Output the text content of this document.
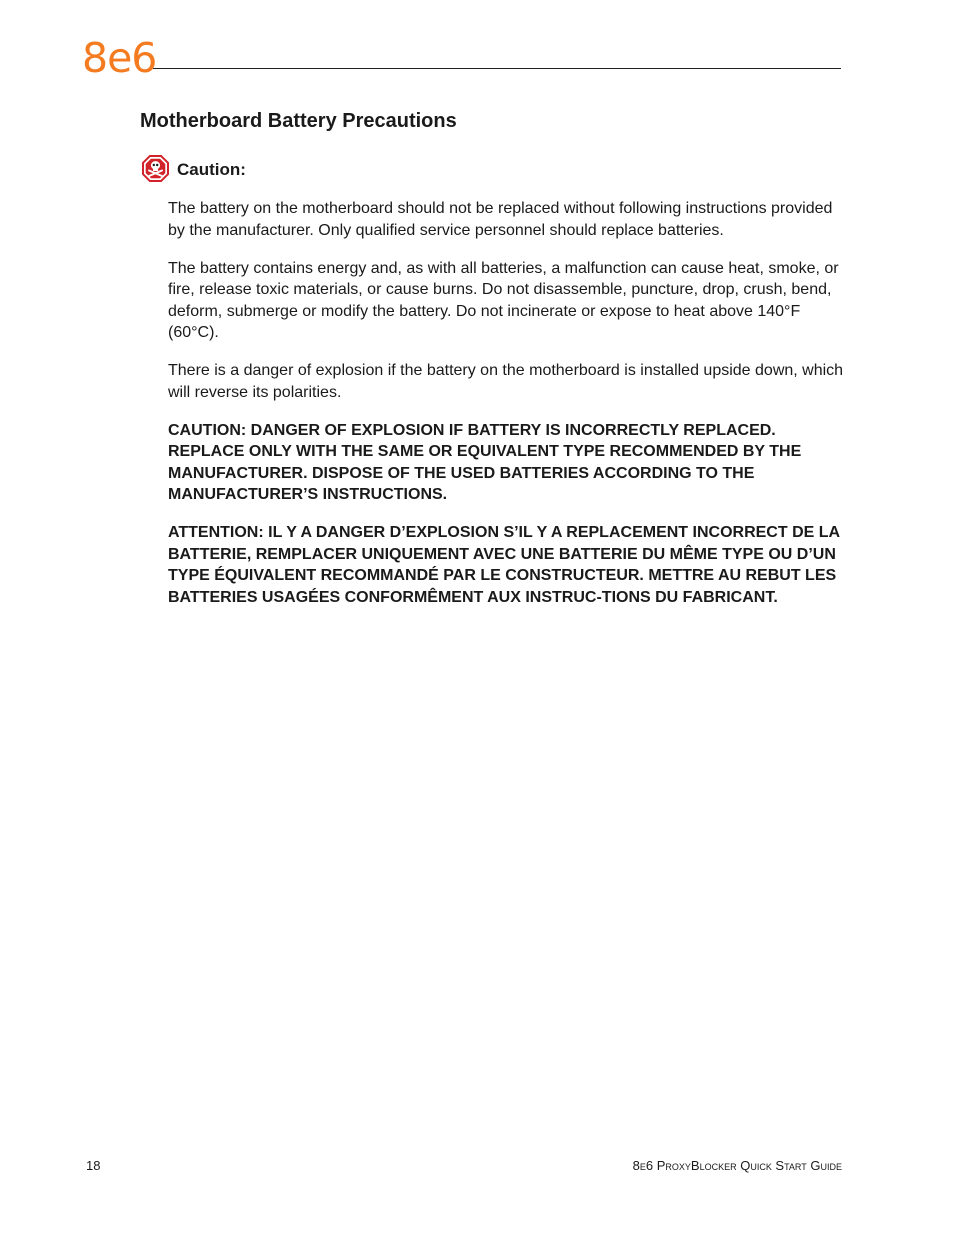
8e6
Motherboard Battery Precautions
Caution:

The battery on the motherboard should not be replaced without following instructions provided by the manufacturer. Only qualified service personnel should replace batteries.

The battery contains energy and, as with all batteries, a malfunction can cause heat, smoke, or fire, release toxic materials, or cause burns. Do not disassemble, puncture, drop, crush, bend, deform, submerge or modify the battery. Do not incinerate or expose to heat above 140°F (60°C).

There is a danger of explosion if the battery on the motherboard is installed upside down, which will reverse its polarities.

CAUTION: DANGER OF EXPLOSION IF BATTERY IS INCORRECTLY REPLACED. REPLACE ONLY WITH THE SAME OR EQUIVALENT TYPE RECOMMENDED BY THE MANUFACTURER. DISPOSE OF THE USED BATTERIES ACCORDING TO THE MANUFACTURER’S INSTRUCTIONS.

ATTENTION: IL Y A DANGER D’EXPLOSION S’IL Y A REPLACEMENT INCORRECT DE LA BATTERIE, REMPLACER UNIQUEMENT AVEC UNE BATTERIE DU MÊME TYPE OU D’UN TYPE ÉQUIVALENT RECOMMANDÉ PAR LE CONSTRUCTEUR. METTRE AU REBUT LES BATTERIES USAGÉES CONFORMÊMENT AUX INSTRUC-TIONS DU FABRICANT.

18	8e6 ProxyBlocker Quick Start Guide
